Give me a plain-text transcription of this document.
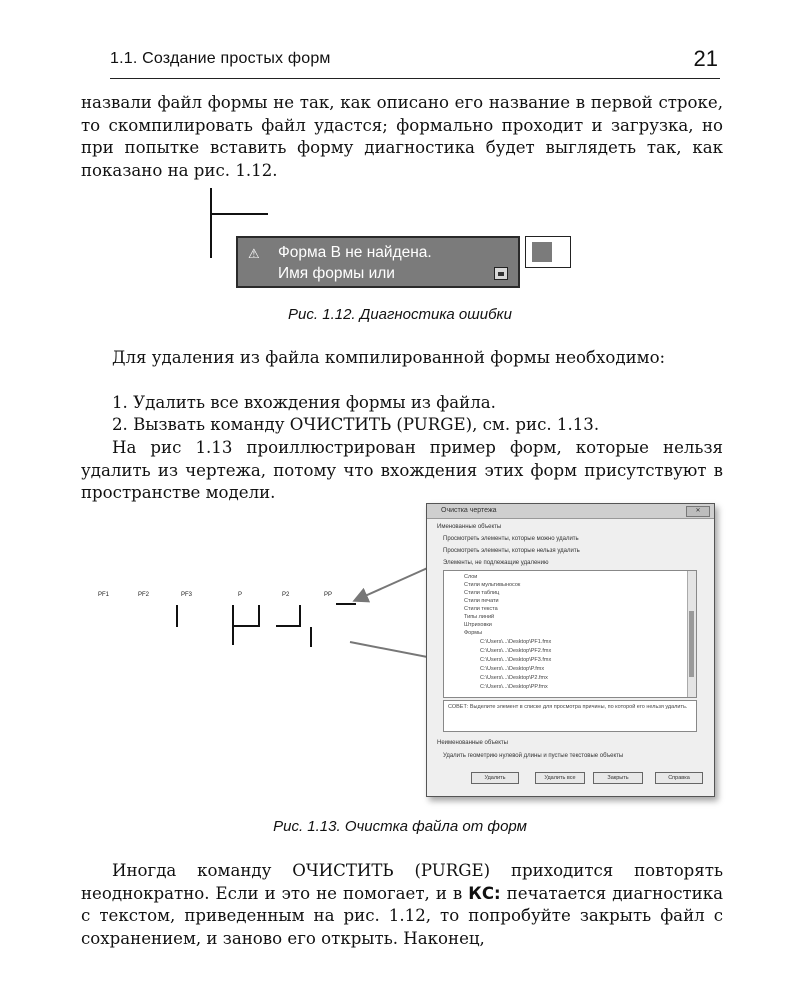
1.1. Создание простых форм	21

назвали файл формы не так, как описано его название в первой строке, то скомпилировать файл удастся; формально проходит и загрузка, но при попытке вставить форму диагностика будет выглядеть так, как показано на рис. 1.12.

⚠ Форма В не найдена.
Имя формы или
Рис. 1.12. Диагностика ошибки

Для удаления из файла компилированной формы необходимо:

1. Удалить все вхождения формы из файла.

2. Вызвать команду ОЧИСТИТЬ (PURGE), см. рис. 1.13.

На рис 1.13 проиллюстрирован пример форм, которые нельзя удалить из чертежа, потому что вхождения этих форм присутствуют в пространстве модели.

PF1	PF2	PF3	P	P2	PP
Очистка чертежа	✕
Именованные объекты
Просмотреть элементы, которые можно удалить
Просмотреть элементы, которые нельзя удалить
Элементы, не подлежащие удалению
Слои
Стили мультивыносок
Стили таблиц
Стили печати
Стили текста
Типы линий
Штриховки
Формы
C:\Users\...\Desktop\PF1.fmx
C:\Users\...\Desktop\PF2.fmx
C:\Users\...\Desktop\PF3.fmx
C:\Users\...\Desktop\P.fmx
C:\Users\...\Desktop\P2.fmx
C:\Users\...\Desktop\PP.fmx
СОВЕТ: Выделите элемент в списке для просмотра причины, по которой его нельзя удалить.
Неименованные объекты
Удалить геометрию нулевой длины и пустые текстовые объекты
Удалить	Удалить все	Закрыть	Справка
Рис. 1.13. Очистка файла от форм

Иногда команду ОЧИСТИТЬ (PURGE) приходится повторять неоднократно. Если и это не помогает, и в КС: печатается диагностика с текстом, приведенным на рис. 1.12, то попробуйте закрыть файл с сохранением, и заново его открыть. Наконец,
